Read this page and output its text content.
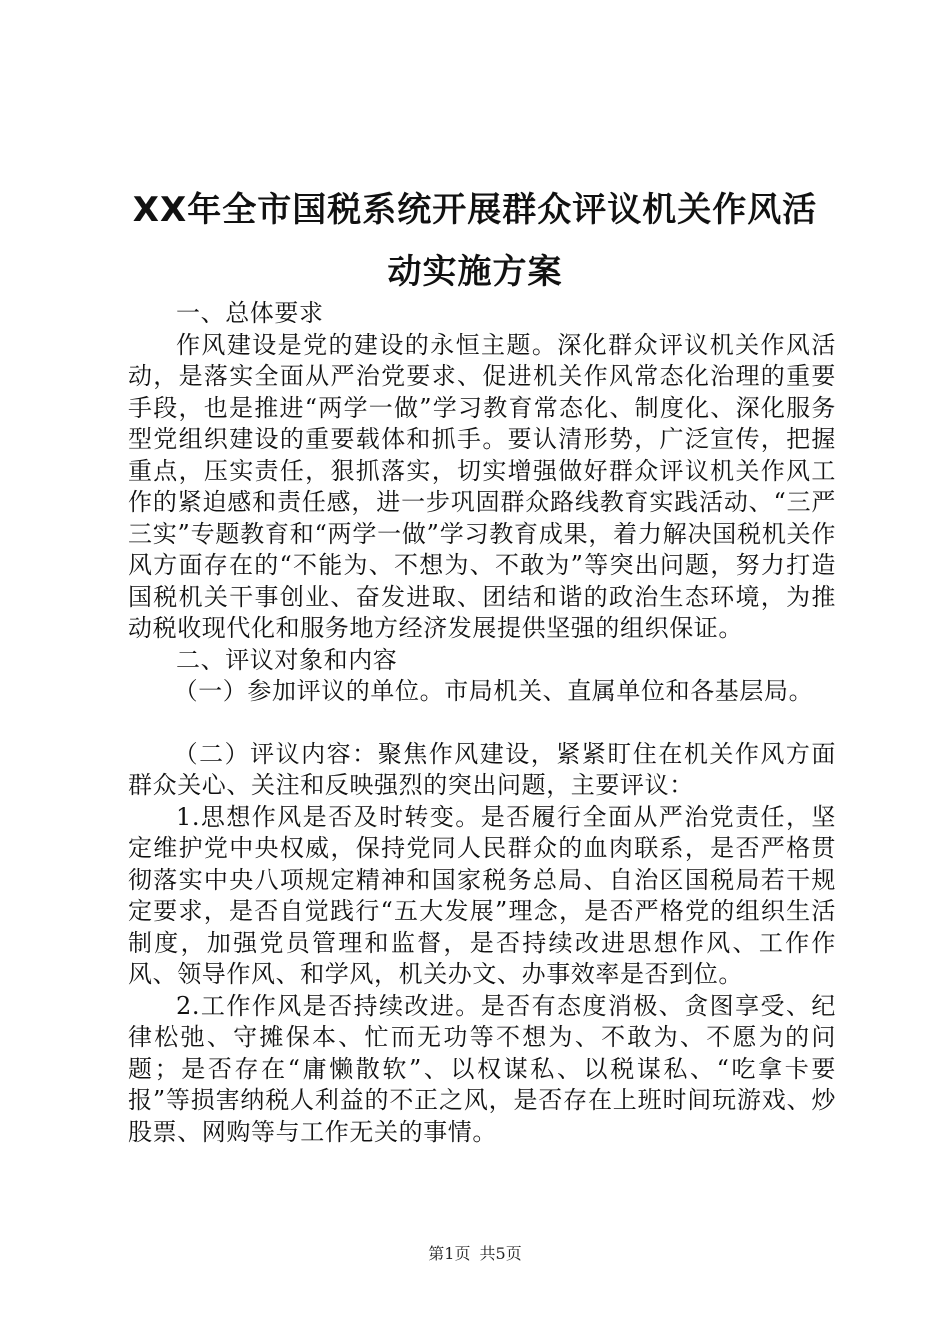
XX年全市国税系统开展群众评议机关作风活
动实施方案

一、总体要求

作风建设是党的建设的永恒主题。深化群众评议机关作风活动，是落实全面从严治党要求、促进机关作风常态化治理的重要手段，也是推进“两学一做”学习教育常态化、制度化、深化服务型党组织建设的重要载体和抓手。要认清形势，广泛宣传，把握重点，压实责任，狠抓落实，切实增强做好群众评议机关作风工作的紧迫感和责任感，进一步巩固群众路线教育实践活动、“三严三实”专题教育和“两学一做”学习教育成果，着力解决国税机关作风方面存在的“不能为、不想为、不敢为”等突出问题，努力打造国税机关干事创业、奋发进取、团结和谐的政治生态环境，为推动税收现代化和服务地方经济发展提供坚强的组织保证。

二、评议对象和内容

（一）参加评议的单位。市局机关、直属单位和各基层局。

（二）评议内容：聚焦作风建设，紧紧盯住在机关作风方面群众关心、关注和反映强烈的突出问题，主要评议：

1.思想作风是否及时转变。是否履行全面从严治党责任，坚定维护党中央权威，保持党同人民群众的血肉联系，是否严格贯彻落实中央八项规定精神和国家税务总局、自治区国税局若干规定要求，是否自觉践行“五大发展”理念，是否严格党的组织生活制度，加强党员管理和监督，是否持续改进思想作风、工作作风、领导作风、和学风，机关办文、办事效率是否到位。

2.工作作风是否持续改进。是否有态度消极、贪图享受、纪律松弛、守摊保本、忙而无功等不想为、不敢为、不愿为的问题；是否存在“庸懒散软”、以权谋私、以税谋私、“吃拿卡要报”等损害纳税人利益的不正之风，是否存在上班时间玩游戏、炒股票、网购等与工作无关的事情。

第1页 共5页
